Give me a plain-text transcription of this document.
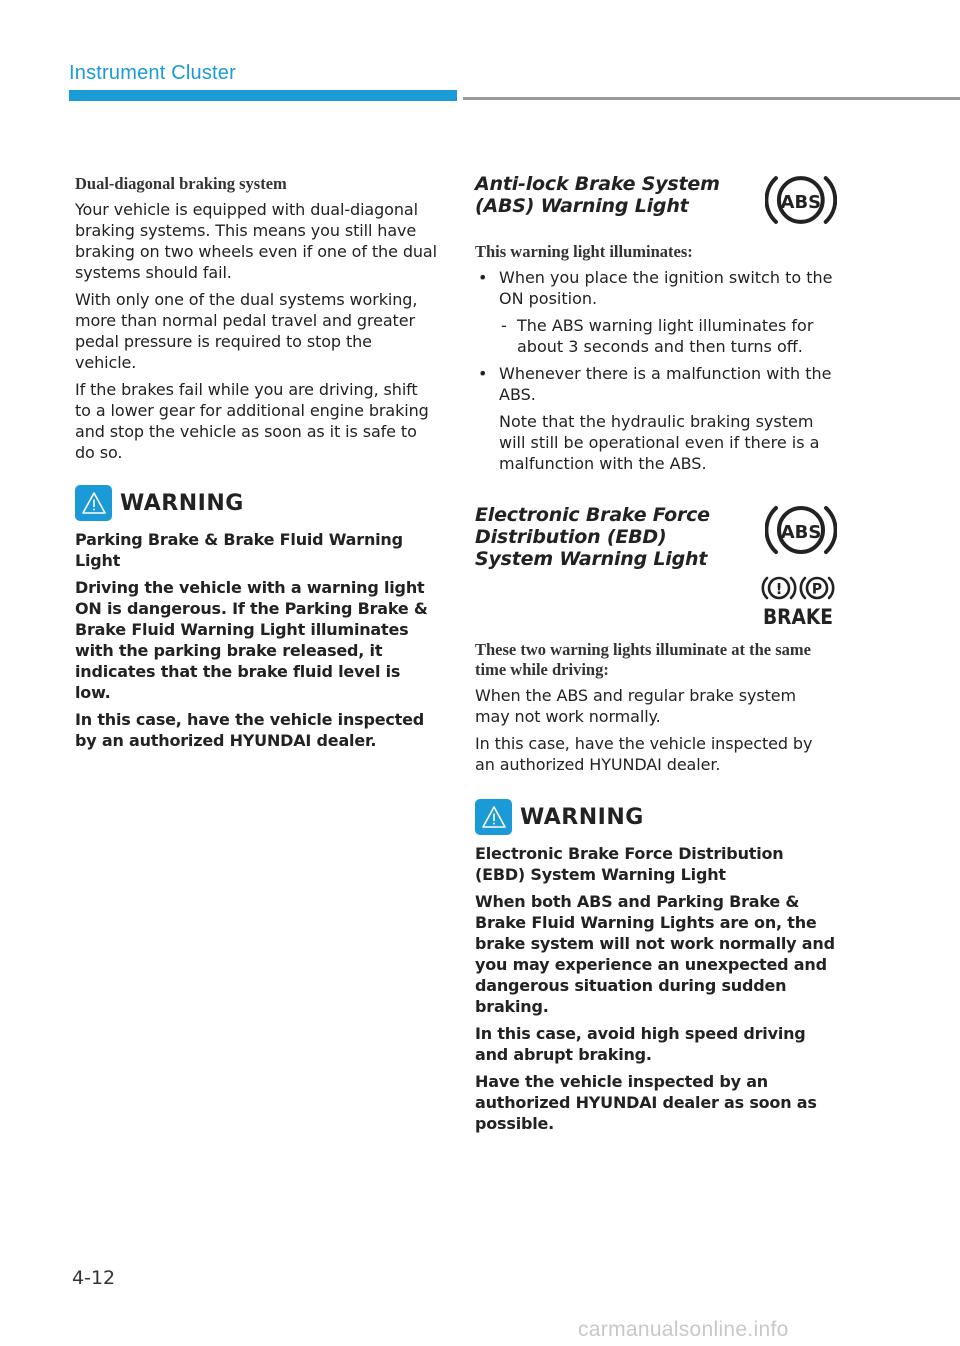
Instrument Cluster
Dual-diagonal braking system

Your vehicle is equipped with dual-diagonal braking systems. This means you still have braking on two wheels even if one of the dual systems should fail.

With only one of the dual systems working, more than normal pedal travel and greater pedal pressure is required to stop the vehicle.

If the brakes fail while you are driving, shift to a lower gear for additional engine braking and stop the vehicle as soon as it is safe to do so.

WARNING

Parking Brake & Brake Fluid Warning Light

Driving the vehicle with a warning light ON is dangerous. If the Parking Brake & Brake Fluid Warning Light illuminates with the parking brake released, it indicates that the brake fluid level is low.

In this case, have the vehicle inspected by an authorized HYUNDAI dealer.

Anti-lock Brake System (ABS) Warning Light	ABS
This warning light illuminates:
• When you place the ignition switch to the ON position.
- The ABS warning light illuminates for about 3 seconds and then turns off.
• Whenever there is a malfunction with the ABS.
Note that the hydraulic braking system will still be operational even if there is a malfunction with the ABS.
Electronic Brake Force Distribution (EBD) System Warning Light
ABS
! P
BRAKE
These two warning lights illuminate at the same time while driving:

When the ABS and regular brake system may not work normally.

In this case, have the vehicle inspected by an authorized HYUNDAI dealer.

WARNING

Electronic Brake Force Distribution (EBD) System Warning Light

When both ABS and Parking Brake & Brake Fluid Warning Lights are on, the brake system will not work normally and you may experience an unexpected and dangerous situation during sudden braking.

In this case, avoid high speed driving and abrupt braking.

Have the vehicle inspected by an authorized HYUNDAI dealer as soon as possible.

4-12
carmanualsonline.info
